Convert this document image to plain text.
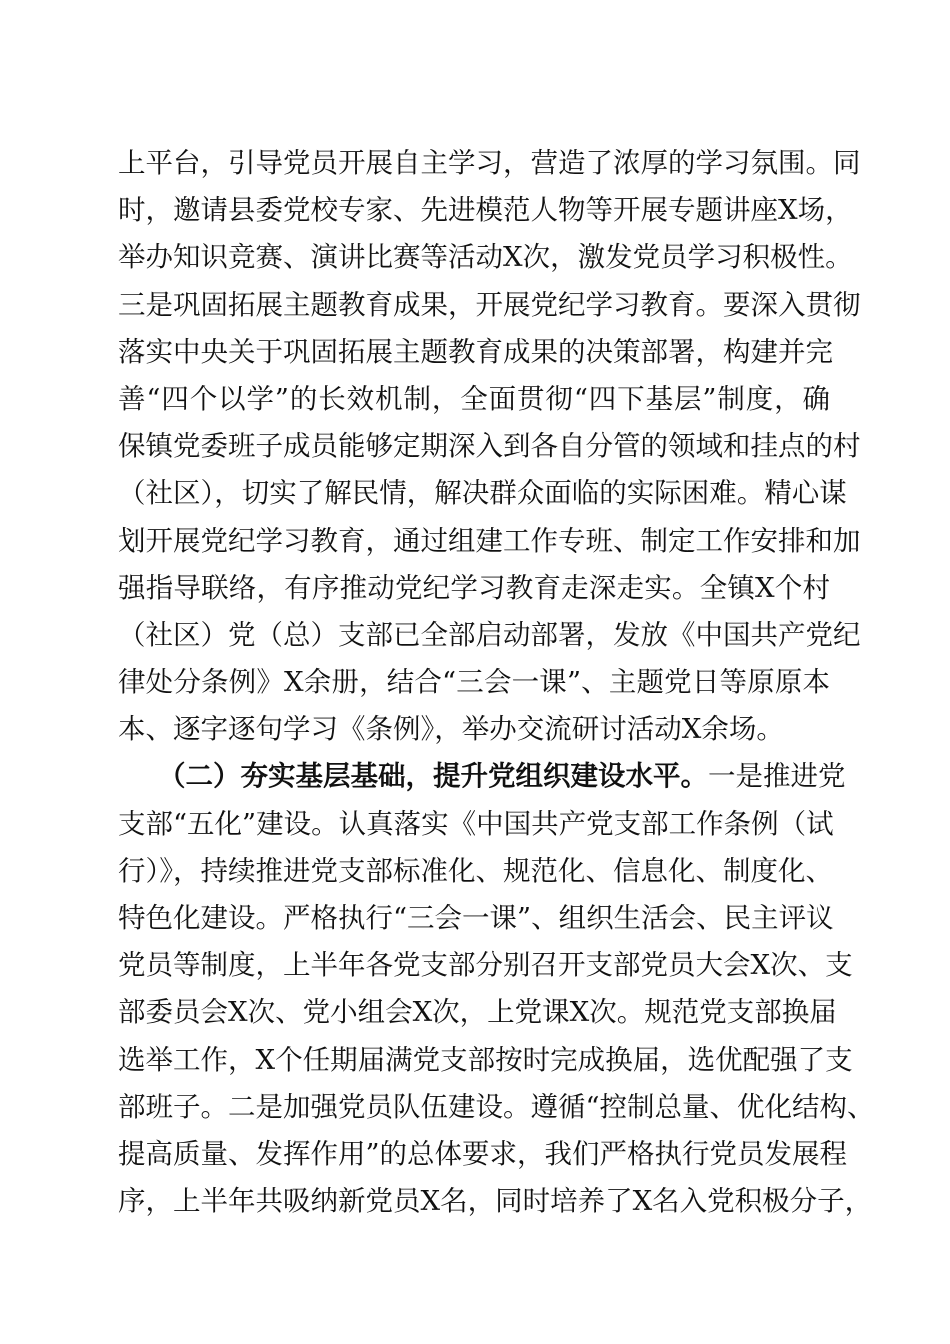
上平台，引导党员开展自主学习，营造了浓厚的学习氛围。同
时，邀请县委党校专家、先进模范人物等开展专题讲座X场，
举办知识竞赛、演讲比赛等活动X次，激发党员学习积极性。
三是巩固拓展主题教育成果，开展党纪学习教育。要深入贯彻
落实中央关于巩固拓展主题教育成果的决策部署，构建并完
善“四个以学”的长效机制，全面贯彻“四下基层”制度，确
保镇党委班子成员能够定期深入到各自分管的领域和挂点的村
（社区），切实了解民情，解决群众面临的实际困难。精心谋
划开展党纪学习教育，通过组建工作专班、制定工作安排和加
强指导联络，有序推动党纪学习教育走深走实。全镇X个村
（社区）党（总）支部已全部启动部署，发放《中国共产党纪
律处分条例》X余册，结合“三会一课”、主题党日等原原本
本、逐字逐句学习《条例》，举办交流研讨活动X余场。
（二）夯实基层基础，提升党组织建设水平。一是推进党
支部“五化”建设。认真落实《中国共产党支部工作条例（试
行）》，持续推进党支部标准化、规范化、信息化、制度化、
特色化建设。严格执行“三会一课”、组织生活会、民主评议
党员等制度，上半年各党支部分别召开支部党员大会X次、支
部委员会X次、党小组会X次，上党课X次。规范党支部换届
选举工作，X个任期届满党支部按时完成换届，选优配强了支
部班子。二是加强党员队伍建设。遵循“控制总量、优化结构、
提高质量、发挥作用”的总体要求，我们严格执行党员发展程
序，上半年共吸纳新党员X名，同时培养了X名入党积极分子，
